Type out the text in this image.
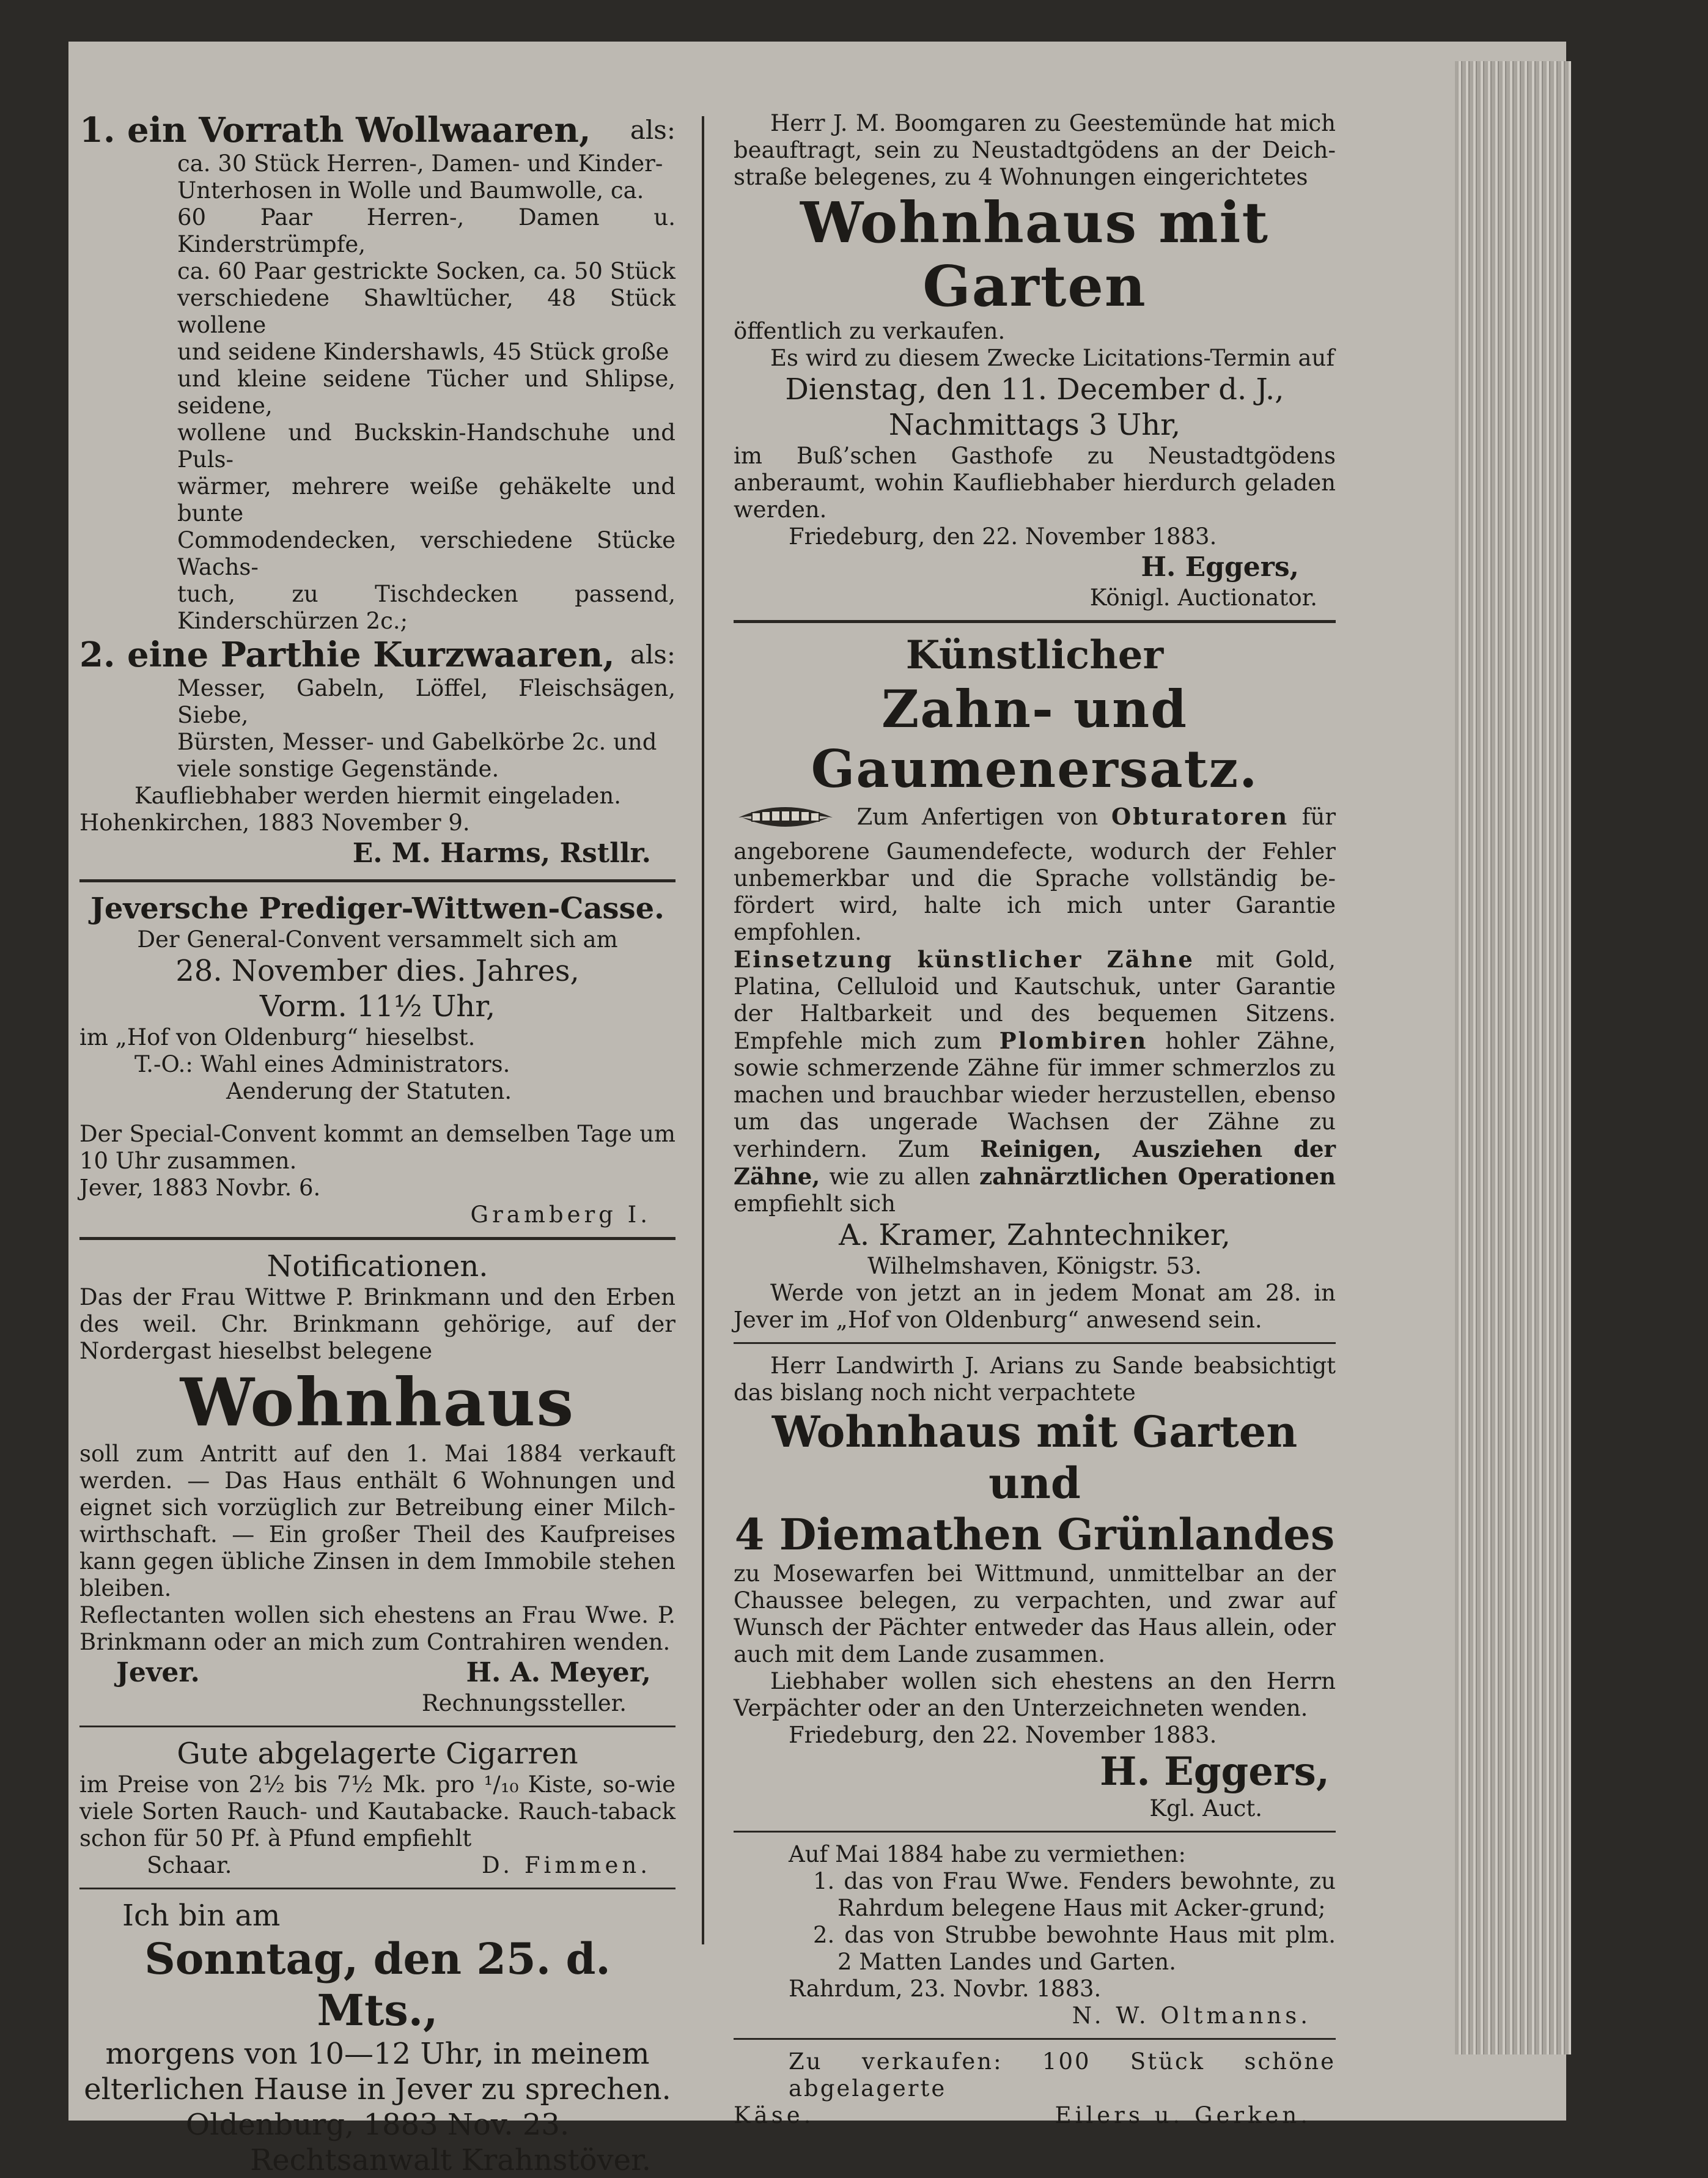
1. ein Vorrath Wollwaaren, als:

ca. 30 Stück Herren-, Damen- und Kinder-

Unterhosen in Wolle und Baumwolle, ca.

60 Paar Herren-, Damen u. Kinderstrümpfe,

ca. 60 Paar gestrickte Socken, ca. 50 Stück

verschiedene Shawltücher, 48 Stück wollene

und seidene Kindershawls, 45 Stück große

und kleine seidene Tücher und Shlipse, seidene,

wollene und Buckskin-Handschuhe und Puls-

wärmer, mehrere weiße gehäkelte und bunte

Commodendecken, verschiedene Stücke Wachs-

tuch, zu Tischdecken passend, Kinderschürzen 2c.;

2. eine Parthie Kurzwaaren, als:

Messer, Gabeln, Löffel, Fleischsägen, Siebe,

Bürsten, Messer- und Gabelkörbe 2c. und

viele sonstige Gegenstände.

Kaufliebhaber werden hiermit eingeladen.

Hohenkirchen, 1883 November 9.

E. M. Harms, Rstllr.

Jeversche Prediger-Wittwen-Casse.

Der General-Convent versammelt sich am

28. November dies. Jahres,

Vorm. 11½ Uhr,

im „Hof von Oldenburg“ hieselbst.

T.-O.: Wahl eines Administrators.

Aenderung der Statuten.

Der Special-Convent kommt an demselben Tage um 10 Uhr zusammen.

Jever, 1883 Novbr. 6.

Gramberg I.

Notificationen.

Das der Frau Wittwe P. Brinkmann und den Erben des weil. Chr. Brinkmann gehörige, auf der Nordergast hieselbst belegene

Wohnhaus

soll zum Antritt auf den 1. Mai 1884 verkauft werden. — Das Haus enthält 6 Wohnungen und eignet sich vorzüglich zur Betreibung einer Milch-wirthschaft. — Ein großer Theil des Kaufpreises kann gegen übliche Zinsen in dem Immobile stehen bleiben.

Reflectanten wollen sich ehestens an Frau Wwe. P. Brinkmann oder an mich zum Contrahiren wenden.

Jever.	H. A. Meyer,

Rechnungssteller.

Gute abgelagerte Cigarren

im Preise von 2½ bis 7½ Mk. pro ¹/₁₀ Kiste, so-wie viele Sorten Rauch- und Kautabacke. Rauch-taback schon für 50 Pf. à Pfund empfiehlt

Schaar.	D. Fimmen.

Ich bin am

Sonntag, den 25. d. Mts.,

morgens von 10—12 Uhr, in meinem

elterlichen Hause in Jever zu sprechen.

Oldenburg, 1883 Nov. 23.

Rechtsanwalt Krahnstöver.

Herr J. M. Boomgaren zu Geestemünde hat mich beauftragt, sein zu Neustadtgödens an der Deich-straße belegenes, zu 4 Wohnungen eingerichtetes

Wohnhaus mit Garten

öffentlich zu verkaufen.

Es wird zu diesem Zwecke Licitations-Termin auf

Dienstag, den 11. December d. J.,

Nachmittags 3 Uhr,

im Buß’schen Gasthofe zu Neustadtgödens anberaumt, wohin Kaufliebhaber hierdurch geladen werden.

Friedeburg, den 22. November 1883.

H. Eggers,

Königl. Auctionator.

Künstlicher

Zahn- und Gaumenersatz.

Zum Anfertigen von Obturatoren für angeborene Gaumendefecte, wodurch der Fehler unbemerkbar und die Sprache vollständig be-fördert wird, halte ich mich unter Garantie empfohlen.

Einsetzung künstlicher Zähne mit Gold, Platina, Celluloid und Kautschuk, unter Garantie der Haltbarkeit und des bequemen Sitzens. Empfehle mich zum Plombiren hohler Zähne, sowie schmerzende Zähne für immer schmerzlos zu machen und brauchbar wieder herzustellen, ebenso um das ungerade Wachsen der Zähne zu verhindern. Zum Reinigen, Ausziehen der Zähne, wie zu allen zahnärztlichen Operationen empfiehlt sich

A. Kramer, Zahntechniker,

Wilhelmshaven, Königstr. 53.

Werde von jetzt an in jedem Monat am 28. in Jever im „Hof von Oldenburg“ anwesend sein.

Herr Landwirth J. Arians zu Sande beabsichtigt das bislang noch nicht verpachtete

Wohnhaus mit Garten und

4 Diemathen Grünlandes

zu Mosewarfen bei Wittmund, unmittelbar an der Chaussee belegen, zu verpachten, und zwar auf Wunsch der Pächter entweder das Haus allein, oder auch mit dem Lande zusammen.

Liebhaber wollen sich ehestens an den Herrn Verpächter oder an den Unterzeichneten wenden.

Friedeburg, den 22. November 1883.

H. Eggers,

Kgl. Auct.

Auf Mai 1884 habe zu vermiethen:

1. das von Frau Wwe. Fenders bewohnte, zu Rahrdum belegene Haus mit Acker-grund;

2. das von Strubbe bewohnte Haus mit plm. 2 Matten Landes und Garten.

Rahrdum, 23. Novbr. 1883.

N. W. Oltmanns.

Zu verkaufen: 100 Stück schöne abgelagerte

Käse.	Eilers u. Gerken.
